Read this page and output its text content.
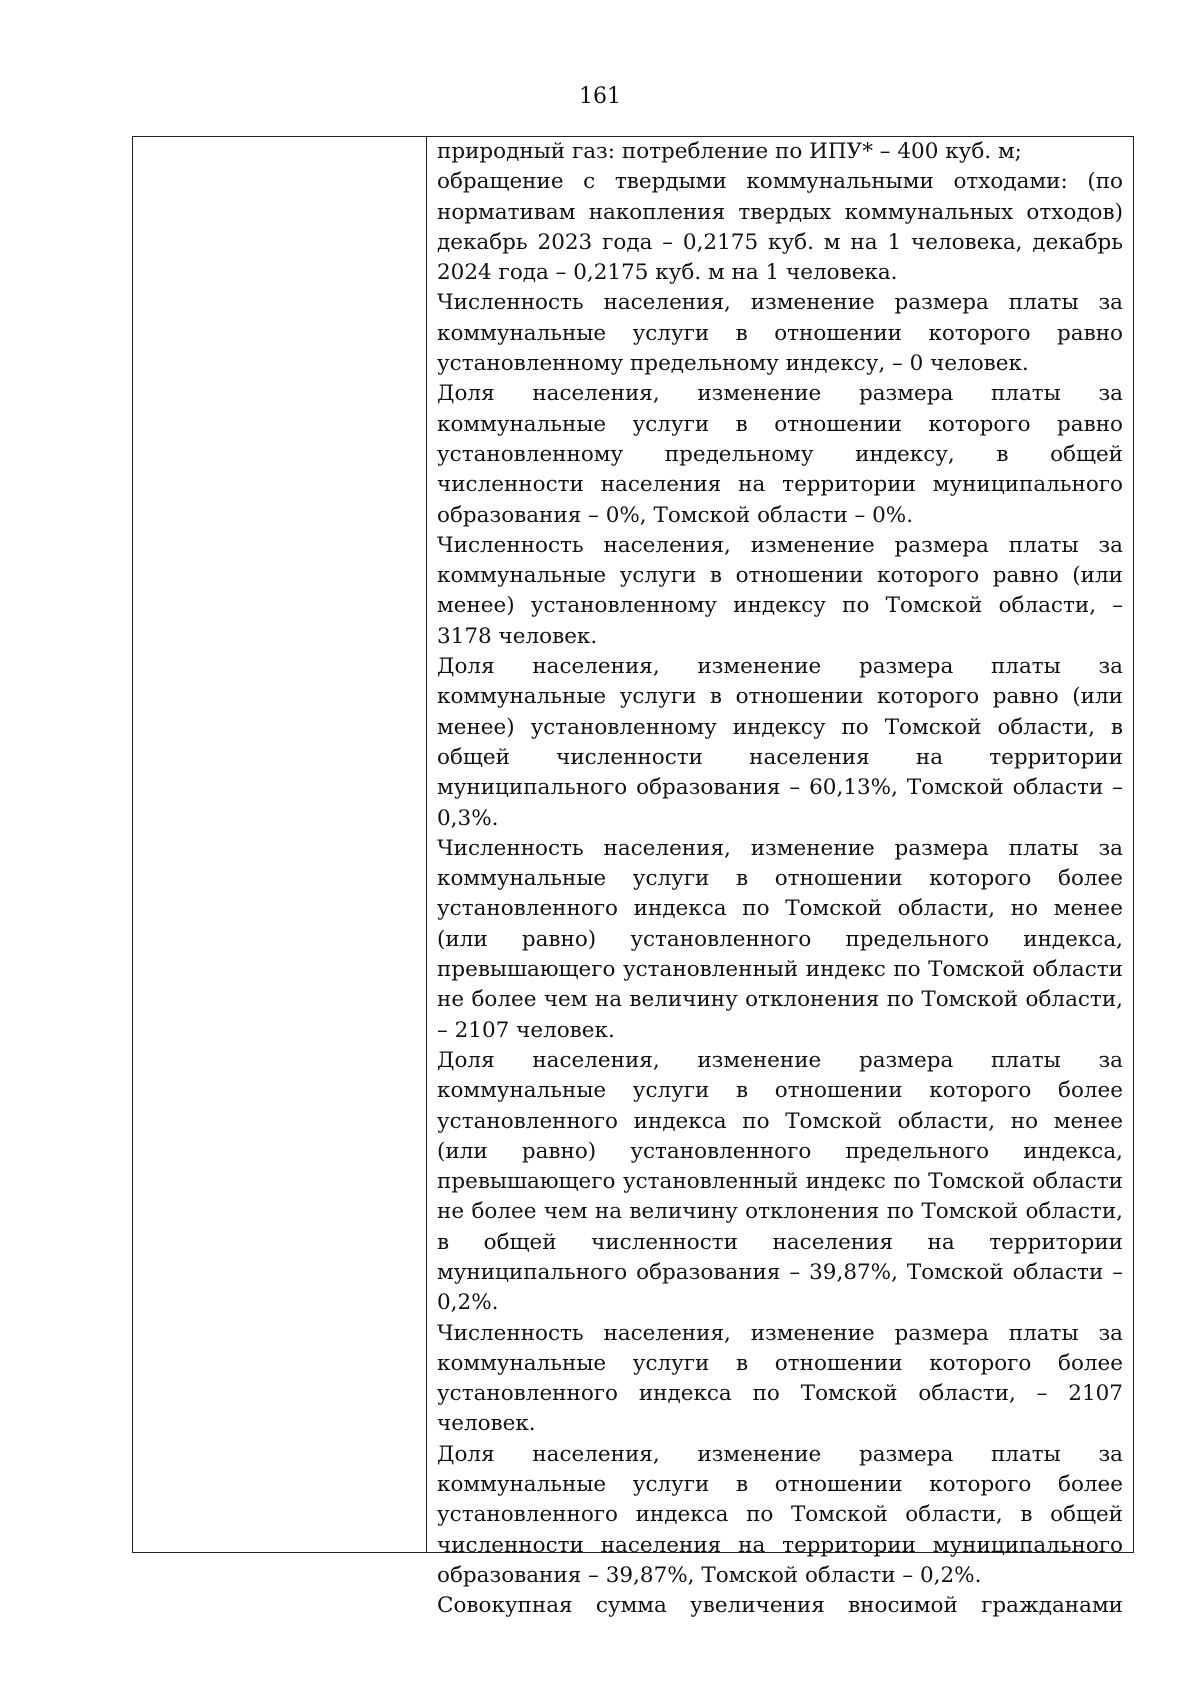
161

природный газ: потребление по ИПУ* – 400 куб. м;

обращение с твердыми коммунальными отходами: (по нормативам накопления твердых коммунальных отходов) декабрь 2023 года – 0,2175 куб. м на 1 человека, декабрь 2024 года – 0,2175 куб. м на 1 человека.

Численность населения, изменение размера платы за коммунальные услуги в отношении которого равно установленному предельному индексу, – 0 человек.

Доля населения, изменение размера платы за коммунальные услуги в отношении которого равно установленному предельному индексу, в общей численности населения на территории муниципального образования – 0%, Томской области – 0%.

Численность населения, изменение размера платы за коммунальные услуги в отношении которого равно (или менее) установленному индексу по Томской области, – 3178 человек.

Доля населения, изменение размера платы за коммунальные услуги в отношении которого равно (или менее) установленному индексу по Томской области, в общей численности населения на территории муниципального образования – 60,13%, Томской области – 0,3%.

Численность населения, изменение размера платы за коммунальные услуги в отношении которого более установленного индекса по Томской области, но менее (или равно) установленного предельного индекса, превышающего установленный индекс по Томской области не более чем на величину отклонения по Томской области, – 2107 человек.

Доля населения, изменение размера платы за коммунальные услуги в отношении которого более установленного индекса по Томской области, но менее (или равно) установленного предельного индекса, превышающего установленный индекс по Томской области не более чем на величину отклонения по Томской области, в общей численности населения на территории муниципального образования – 39,87%, Томской области – 0,2%.

Численность населения, изменение размера платы за коммунальные услуги в отношении которого более установленного индекса по Томской области, – 2107 человек.

Доля населения, изменение размера платы за коммунальные услуги в отношении которого более установленного индекса по Томской области, в общей численности населения на территории муниципального образования – 39,87%, Томской области – 0,2%.

Совокупная сумма увеличения вносимой гражданами
